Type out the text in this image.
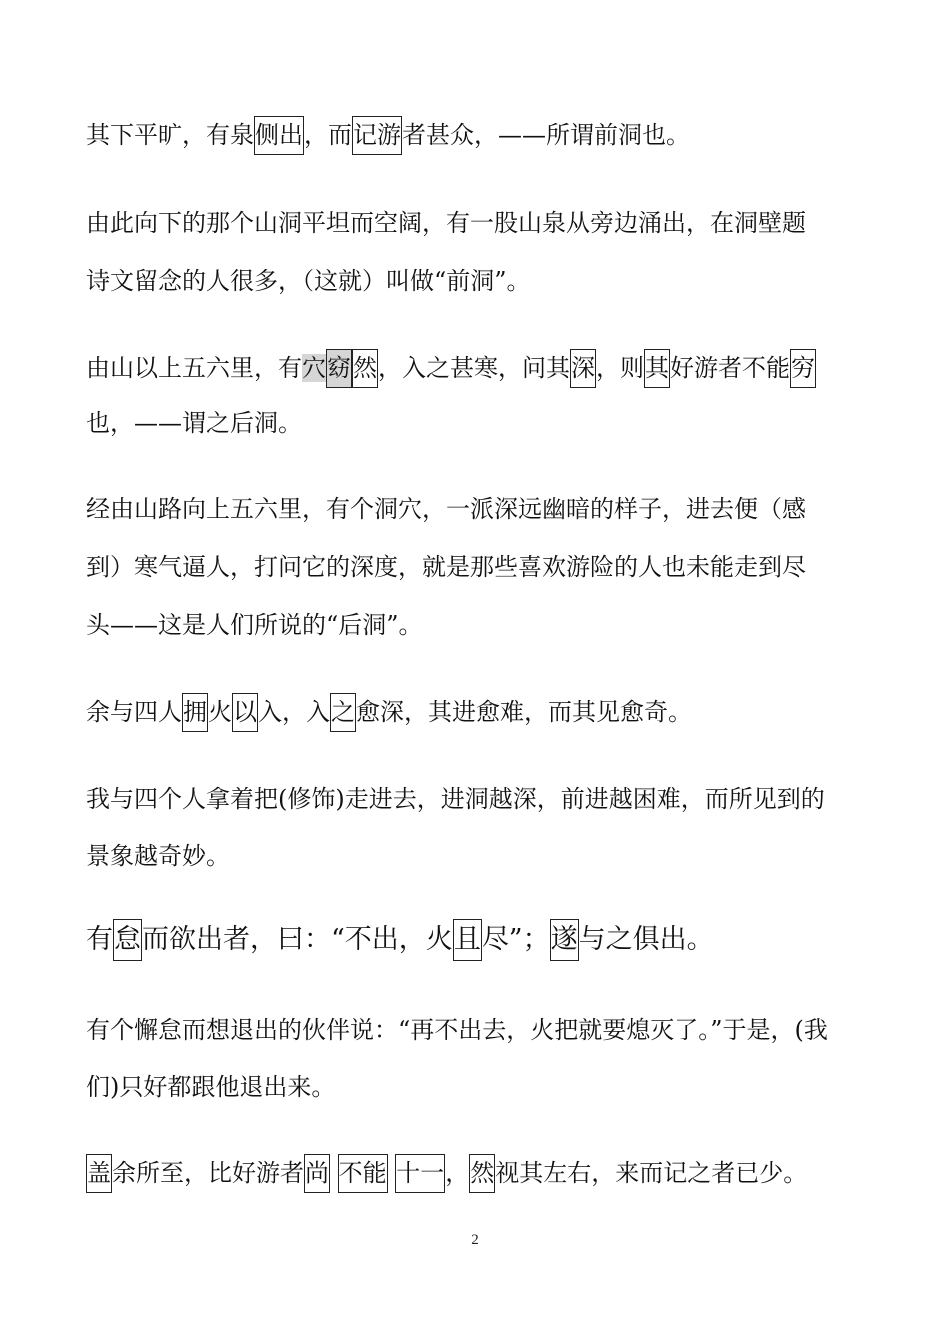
其下平旷，有泉侧出，而记游者甚众，——所谓前洞也。
由此向下的那个山洞平坦而空阔，有一股山泉从旁边涌出，在洞壁题
诗文留念的人很多，（这就）叫做“前洞”。
由山以上五六里，有穴窈然，入之甚寒，问其深，则其好游者不能穷
也，——谓之后洞。
经由山路向上五六里，有个洞穴，一派深远幽暗的样子，进去便（感
到）寒气逼人，打问它的深度，就是那些喜欢游险的人也未能走到尽
头——这是人们所说的“后洞”。
余与四人拥火以入，入之愈深，其进愈难，而其见愈奇。
我与四个人拿着把(修饰)走进去，进洞越深，前进越困难，而所见到的
景象越奇妙。
有怠而欲出者，曰：“不出，火且尽”；遂与之俱出。
有个懈怠而想退出的伙伴说：“再不出去，火把就要熄灭了。”于是，(我
们)只好都跟他退出来。
盖余所至，比好游者尚 不能 十一，然视其左右，来而记之者已少。
2
